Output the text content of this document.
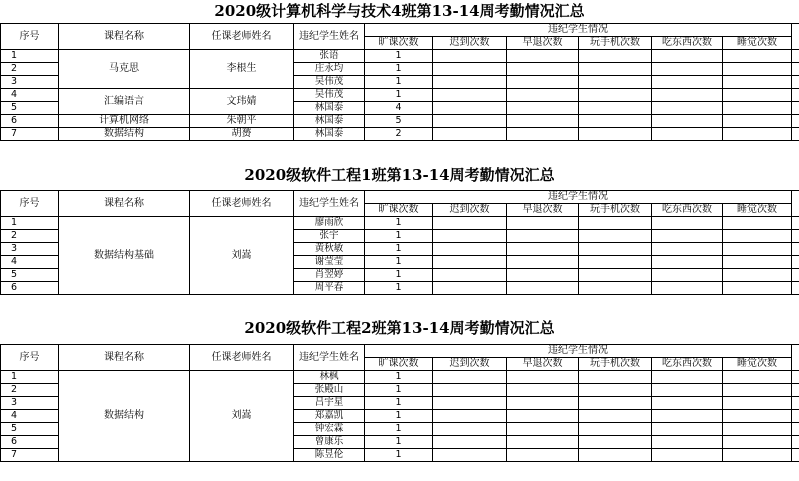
2020级计算机科学与技术4班第13-14周考勤情况汇总
序号	课程名称	任课老师姓名	违纪学生姓名	违纪学生情况						
				旷课次数	迟到次数	早退次数	玩手机次数	吃东西次数	睡觉次数	
1	马克思	李根生	张语	1						
2			庄永均	1						
3			吴伟茂	1						
4	汇编语言	文玮婧	吴伟茂	1						
5			林国泰	4						
6	计算机网络	朱朝平	林国泰	5						
7	数据结构	胡赟	林国泰	2						
2020级软件工程1班第13-14周考勤情况汇总
序号	课程名称	任课老师姓名	违纪学生姓名	违纪学生情况						
				旷课次数	迟到次数	早退次数	玩手机次数	吃东西次数	睡觉次数	
1	数据结构基础	刘嵩	廖雨欣	1						
2			张宇	1						
3			黄秋敏	1						
4			谢莹莹	1						
5			肖翌婷	1						
6			周平春	1						
2020级软件工程2班第13-14周考勤情况汇总
序号	课程名称	任课老师姓名	违纪学生姓名	违纪学生情况						
				旷课次数	迟到次数	早退次数	玩手机次数	吃东西次数	睡觉次数	
1	数据结构	刘嵩	林枫	1						
2			张殿山	1						
3			吕宇星	1						
4			郑嘉凯	1						
5			钟宏霖	1						
6			曾康乐	1						
7			陈昱伦	1						
